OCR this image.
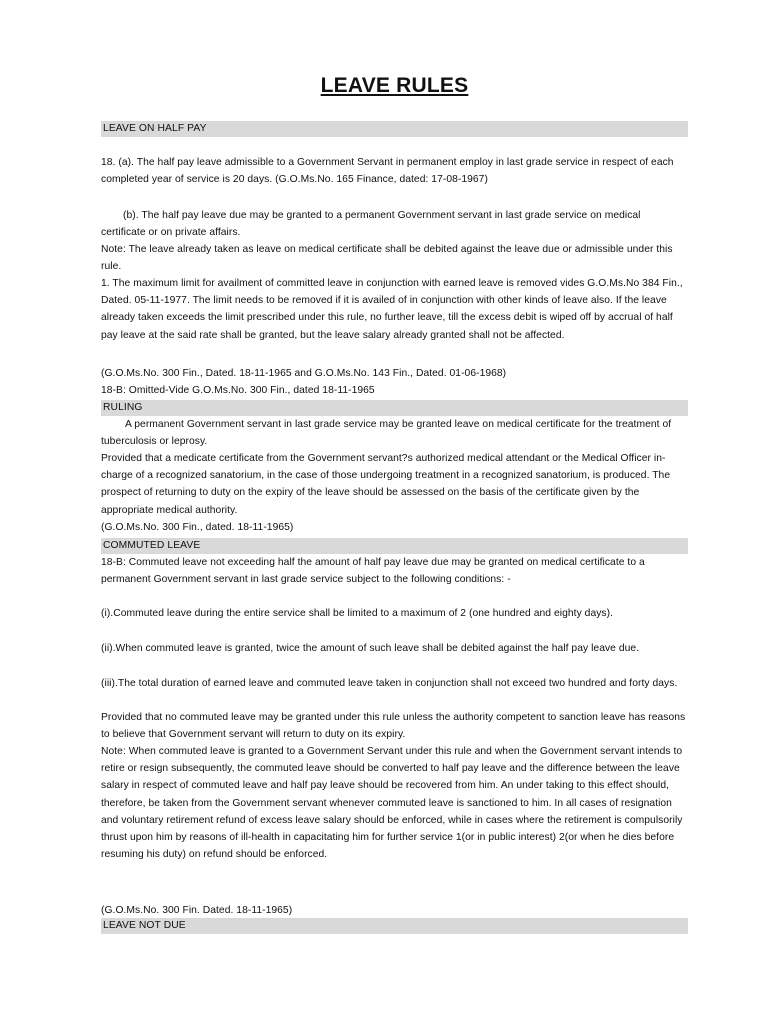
LEAVE RULES
LEAVE ON HALF PAY

18. (a). The half pay leave admissible to a Government Servant in permanent employ in last grade service in respect of each completed year of service is 20 days. (G.O.Ms.No. 165 Finance, dated: 17-08-1967)

(b). The half pay leave due may be granted to a permanent Government servant in last grade service on medical certificate or on private affairs.

Note: The leave already taken as leave on medical certificate shall be debited against the leave due or admissible under this rule.

1. The maximum limit for availment of committed leave in conjunction with earned leave is removed vides G.O.Ms.No 384 Fin., Dated. 05-11-1977. The limit needs to be removed if it is availed of in conjunction with other kinds of leave also. If the leave already taken exceeds the limit prescribed under this rule, no further leave, till the excess debit is wiped off by accrual of half pay leave at the said rate shall be granted, but the leave salary already granted shall not be affected.

(G.O.Ms.No. 300 Fin., Dated. 18-11-1965 and G.O.Ms.No. 143 Fin., Dated. 01-06-1968)

18-B: Omitted-Vide G.O.Ms.No. 300 Fin., dated 18-11-1965

RULING

A permanent Government servant in last grade service may be granted leave on medical certificate for the treatment of tuberculosis or leprosy.

Provided that a medicate certificate from the Government servant?s authorized medical attendant or the Medical Officer in-charge of a recognized sanatorium, in the case of those undergoing treatment in a recognized sanatorium, is produced. The prospect of returning to duty on the expiry of the leave should be assessed on the basis of the certificate given by the appropriate medical authority.

(G.O.Ms.No. 300 Fin., dated. 18-11-1965)

COMMUTED LEAVE

18-B: Commuted leave not exceeding half the amount of half pay leave due may be granted on medical certificate to a permanent Government servant in last grade service subject to the following conditions: -

(i).Commuted leave during the entire service shall be limited to a maximum of 2 (one hundred and eighty days).

(ii).When commuted leave is granted, twice the amount of such leave shall be debited against the half pay leave due.

(iii).The total duration of earned leave and commuted leave taken in conjunction shall not exceed two hundred and forty days.

Provided that no commuted leave may be granted under this rule unless the authority competent to sanction leave has reasons to believe that Government servant will return to duty on its expiry.

Note: When commuted leave is granted to a Government Servant under this rule and when the Government servant intends to retire or resign subsequently, the commuted leave should be converted to half pay leave and the difference between the leave salary in respect of commuted leave and half pay leave should be recovered from him. An under taking to this effect should, therefore, be taken from the Government servant whenever commuted leave is sanctioned to him. In all cases of resignation and voluntary retirement refund of excess leave salary should be enforced, while in cases where the retirement is compulsorily thrust upon him by reasons of ill-health in capacitating him for further service 1(or in public interest) 2(or when he dies before resuming his duty) on refund should be enforced.

(G.O.Ms.No. 300 Fin. Dated. 18-11-1965)

LEAVE NOT DUE
